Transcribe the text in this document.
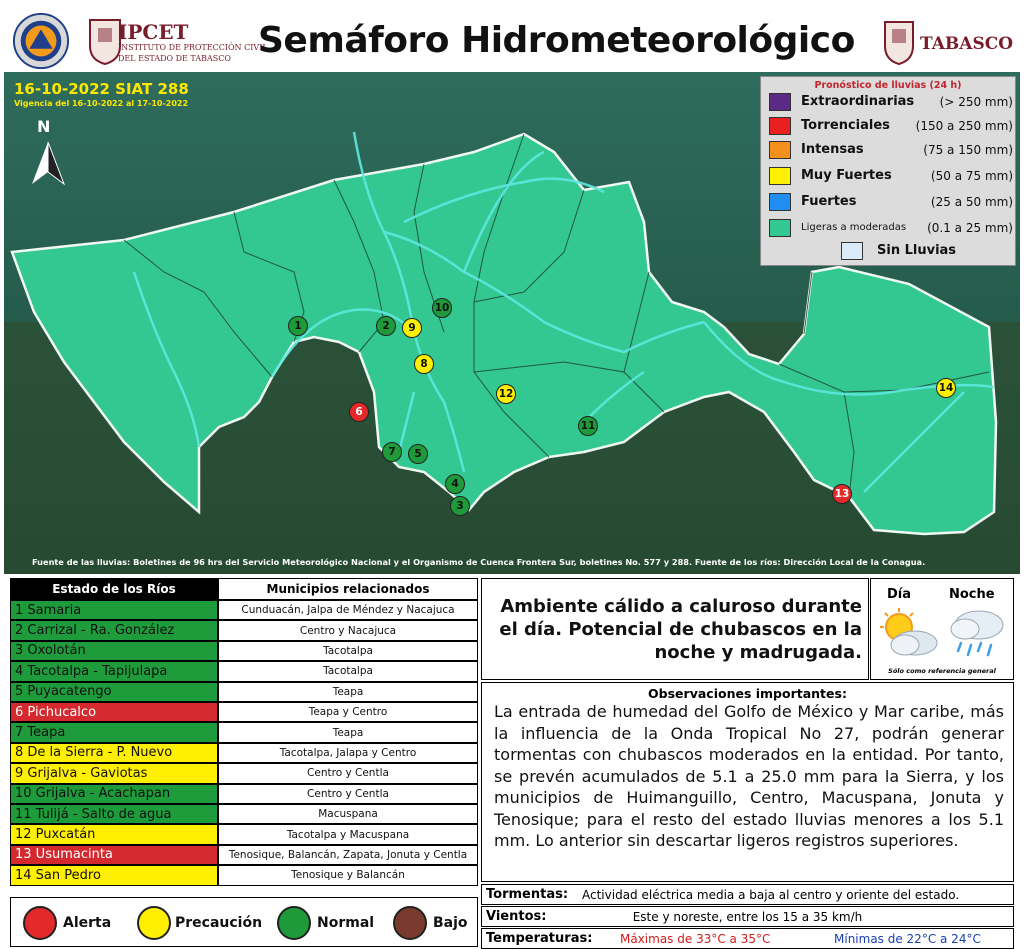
IPCET
INSTITUTO DE PROTECCIÓN CIVIL
DEL ESTADO DE TABASCO Semáforo Hidrometeorológico	TABASCO
16-10-2022 SIAT 288
Vigencia del 16-10-2022 al 17-10-2022
N
1	2
3
4
5
6
7
8
9
10
11
12
13
14
Pronóstico de lluvias (24 h)
Extraordinarias (> 250 mm)
Torrenciales (150 a 250 mm)
Intensas	(75 a 150 mm)
Muy Fuertes	(50 a 75 mm)
Fuertes	(25 a 50 mm)
Ligeras a moderadas (0.1 a 25 mm)
Sin Lluvias
Fuente de las lluvias: Boletines de 96 hrs del Servicio Meteorológico Nacional y el Organismo de Cuenca Frontera Sur, boletines No. 577 y 288. Fuente de los ríos: Dirección Local de la Conagua.
Estado de los Ríos	Municipios relacionados
1 Samaria	Cunduacán, Jalpa de Méndez y Nacajuca
2 Carrizal - Ra. González	Centro y Nacajuca
3 Oxolotán	Tacotalpa
4 Tacotalpa - Tapijulapa	Tacotalpa
5 Puyacatengo	Teapa
6 Pichucalco	Teapa y Centro
7 Teapa	Teapa
8 De la Sierra - P. Nuevo	Tacotalpa, Jalapa y Centro
9 Grijalva - Gaviotas	Centro y Centla
10 Grijalva - Acachapan	Centro y Centla
11 Tulijá - Salto de agua	Macuspana
12 Puxcatán	Tacotalpa y Macuspana
13 Usumacinta	Tenosique, Balancán, Zapata, Jonuta y Centla
14 San Pedro	Tenosique y Balancán
Alerta	Precaución	Normal	Bajo
Ambiente cálido a caluroso durante el día. Potencial de chubascos en la noche y madrugada.
Día	Noche
Sólo como referencia general
Observaciones importantes:
La entrada de humedad del Golfo de México y Mar caribe, más la influencia de la Onda Tropical No 27, podrán generar tormentas con chubascos moderados en la entidad. Por tanto, se prevén acumulados de 5.1 a 25.0 mm para la Sierra, y los municipios de Huimanguillo, Centro, Macuspana, Jonuta y Tenosique; para el resto del estado lluvias menores a los 5.1 mm. Lo anterior sin descartar ligeros registros superiores.
Tormentas: Actividad eléctrica media a baja al centro y oriente del estado.
Vientos:	Este y noreste, entre los 15 a 35 km/h
Temperaturas: Máximas de 33°C a 35°C	Mínimas de 22°C a 24°C
